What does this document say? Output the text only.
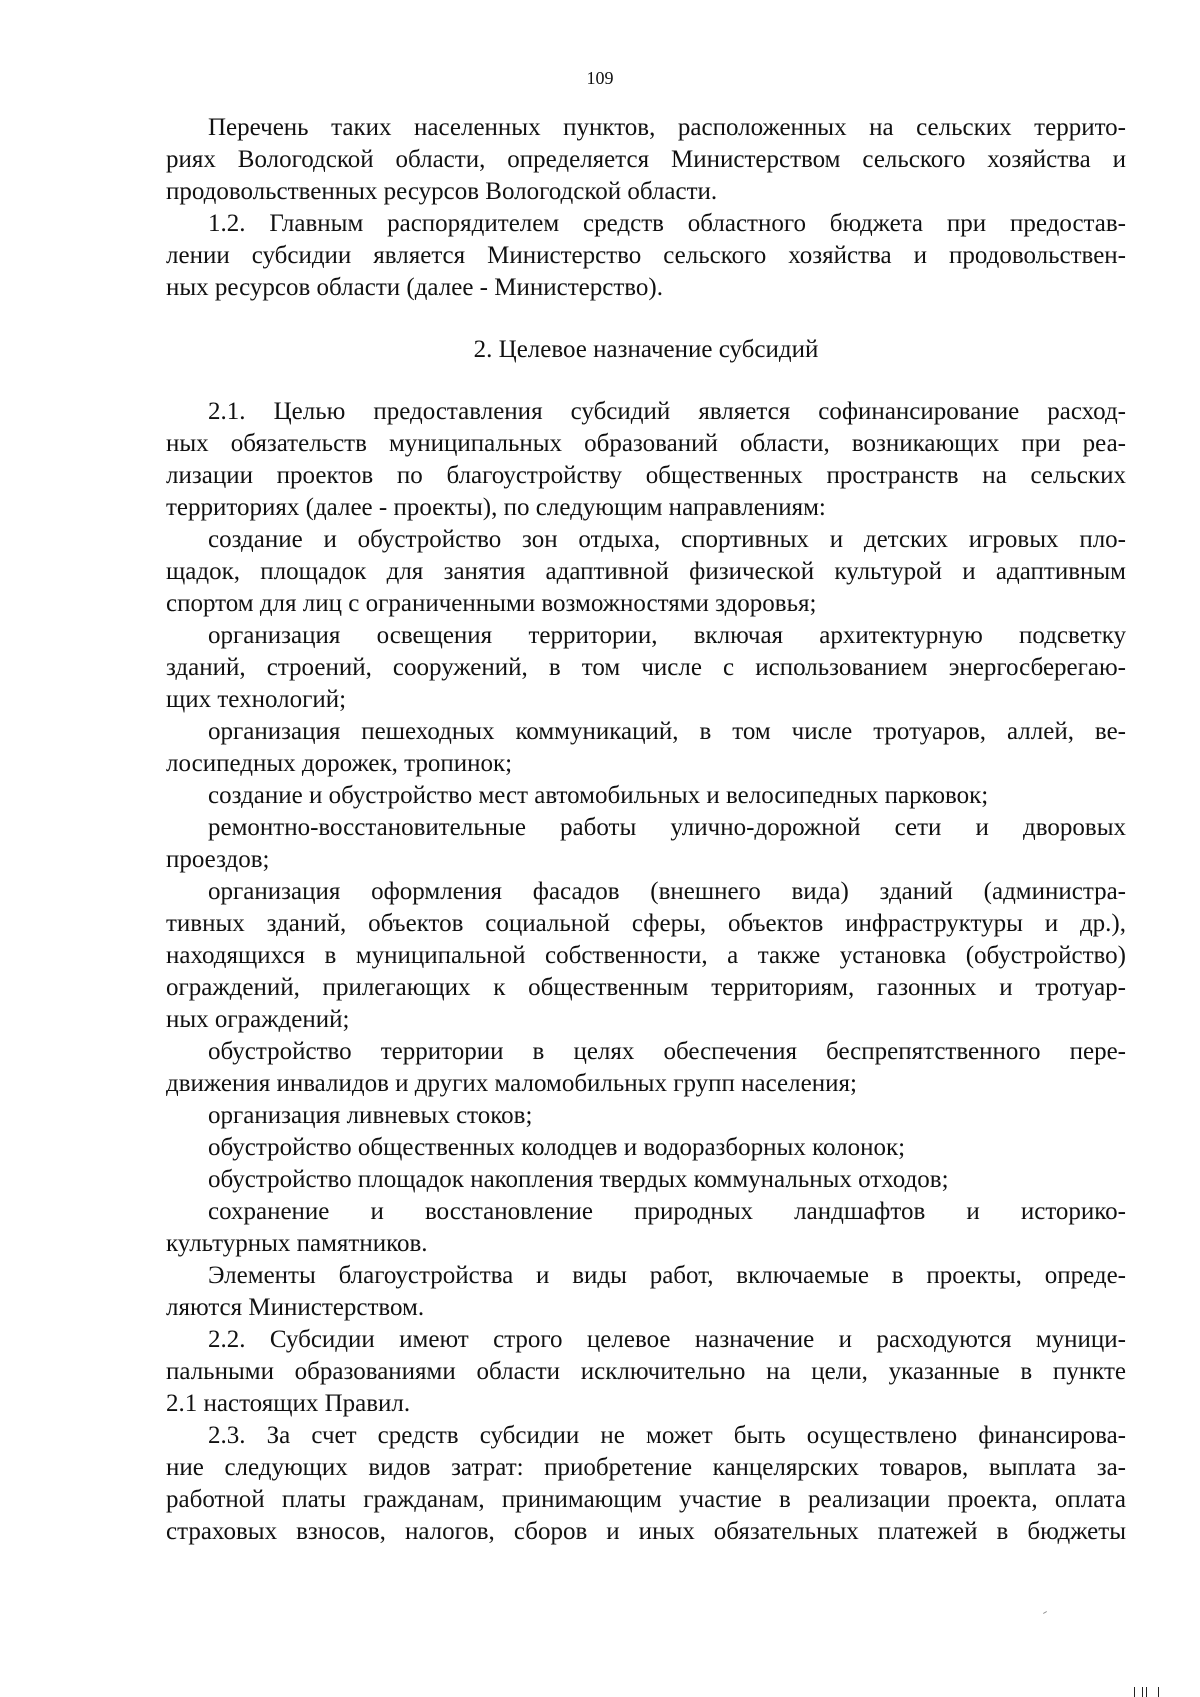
109
Перечень таких населенных пунктов, расположенных на сельских террито-
риях Вологодской области, определяется Министерством сельского хозяйства и
продовольственных ресурсов Вологодской области.
1.2. Главным распорядителем средств областного бюджета при предостав-
лении субсидии является Министерство сельского хозяйства и продовольствен-
ных ресурсов области (далее - Министерство).
2. Целевое назначение субсидий
2.1. Целью предоставления субсидий является софинансирование расход-
ных обязательств муниципальных образований области, возникающих при реа-
лизации проектов по благоустройству общественных пространств на сельских
территориях (далее - проекты), по следующим направлениям:
создание и обустройство зон отдыха, спортивных и детских игровых пло-
щадок, площадок для занятия адаптивной физической культурой и адаптивным
спортом для лиц с ограниченными возможностями здоровья;
организация освещения территории, включая архитектурную подсветку
зданий, строений, сооружений, в том числе с использованием энергосберегаю-
щих технологий;
организация пешеходных коммуникаций, в том числе тротуаров, аллей, ве-
лосипедных дорожек, тропинок;
создание и обустройство мест автомобильных и велосипедных парковок;
ремонтно-восстановительные работы улично-дорожной сети и дворовых
проездов;
организация оформления фасадов (внешнего вида) зданий (администра-
тивных зданий, объектов социальной сферы, объектов инфраструктуры и др.),
находящихся в муниципальной собственности, а также установка (обустройство)
ограждений, прилегающих к общественным территориям, газонных и тротуар-
ных ограждений;
обустройство территории в целях обеспечения беспрепятственного пере-
движения инвалидов и других маломобильных групп населения;
организация ливневых стоков;
обустройство общественных колодцев и водоразборных колонок;
обустройство площадок накопления твердых коммунальных отходов;
сохранение и восстановление природных ландшафтов и историко-
культурных памятников.
Элементы благоустройства и виды работ, включаемые в проекты, опреде-
ляются Министерством.
2.2. Субсидии имеют строго целевое назначение и расходуются муници-
пальными образованиями области исключительно на цели, указанные в пункте
2.1 настоящих Правил.
2.3. За счет средств субсидии не может быть осуществлено финансирова-
ние следующих видов затрат: приобретение канцелярских товаров, выплата за-
работной платы гражданам, принимающим участие в реализации проекта, оплата
страховых взносов, налогов, сборов и иных обязательных платежей в бюджеты
